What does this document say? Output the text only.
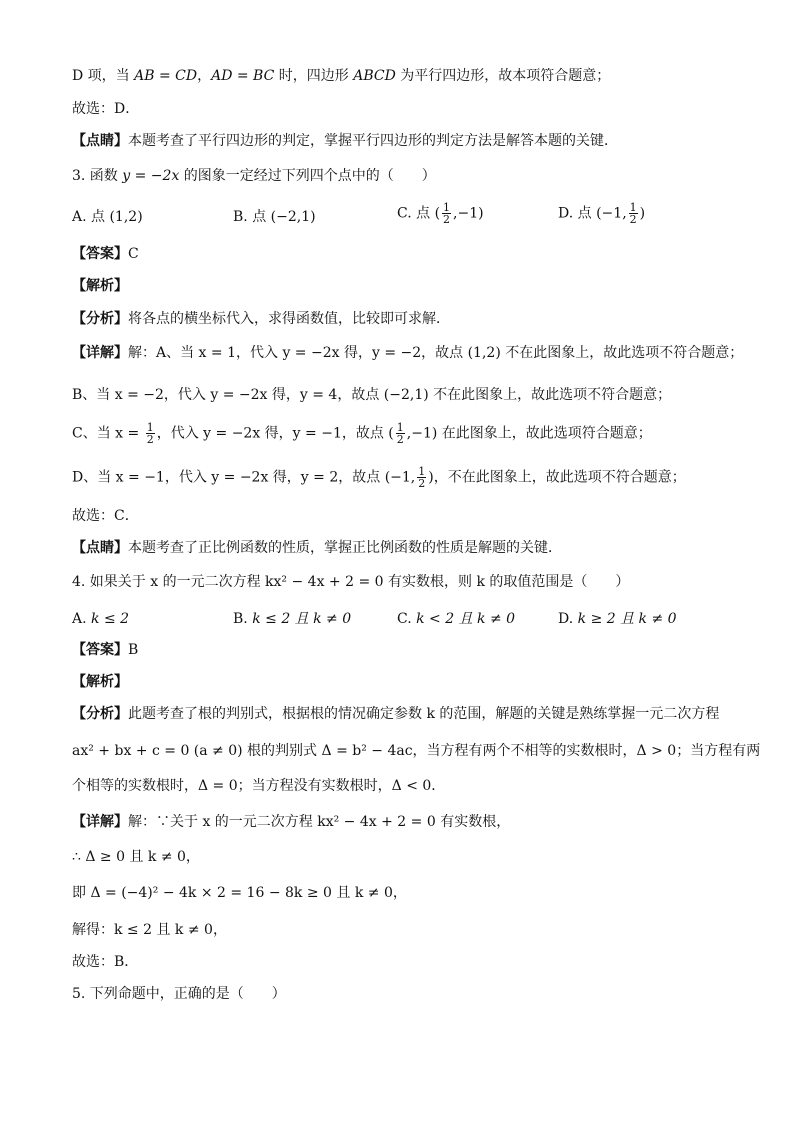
D 项，当 AB = CD，AD = BC 时，四边形 ABCD 为平行四边形，故本项符合题意；
故选：D．
【点睛】本题考查了平行四边形的判定，掌握平行四边形的判定方法是解答本题的关键．
3. 函数 y = −2x 的图象一定经过下列四个点中的（　　）
A. 点 (1,2)	B. 点 (−2,1)	C. 点 ( $\frac{1}{2} ,-1$)	D. 点 (−1, $\frac{1}{2}$ )
【答案】C
【解析】
【分析】将各点的横坐标代入，求得函数值，比较即可求解．
【详解】解：A、当 x = 1，代入 y = −2x 得，y = −2，故点 (1,2) 不在此图象上，故此选项不符合题意；
B、当 x = −2，代入 y = −2x 得，y = 4，故点 (−2,1) 不在此图象上，故此选项不符合题意；
C、当 $x = \frac{1}{2}$ ，代入 y = −2x 得，y = −1，故点 ( $\frac{1}{2} ,-1$) 在此图象上，故此选项符合题意；
D、当 x = −1，代入 y = −2x 得，y = 2，故点 (−1, $\frac{1}{2}$ )，不在此图象上，故此选项不符合题意；
故选：C．
【点睛】本题考查了正比例函数的性质，掌握正比例函数的性质是解题的关键．
4. 如果关于 x 的一元二次方程 kx² − 4x + 2 = 0 有实数根，则 k 的取值范围是（　　）
A. k ≤ 2	B. k ≤ 2 且 k ≠ 0	C. k < 2 且 k ≠ 0	D. k ≥ 2 且 k ≠ 0
【答案】B
【解析】
【分析】此题考查了根的判别式，根据根的情况确定参数 k 的范围，解题的关键是熟练掌握一元二次方程
ax² + bx + c = 0 (a ≠ 0) 根的判别式 Δ = b² − 4ac，当方程有两个不相等的实数根时，Δ > 0；当方程有两
个相等的实数根时，Δ = 0；当方程没有实数根时，Δ < 0．
【详解】解：∵关于 x 的一元二次方程 kx² − 4x + 2 = 0 有实数根，
∴ Δ ≥ 0 且 k ≠ 0，
即 Δ = (−4)² − 4k × 2 = 16 − 8k ≥ 0 且 k ≠ 0，
解得：k ≤ 2 且 k ≠ 0，
故选：B．
5. 下列命题中，正确的是（　　）
